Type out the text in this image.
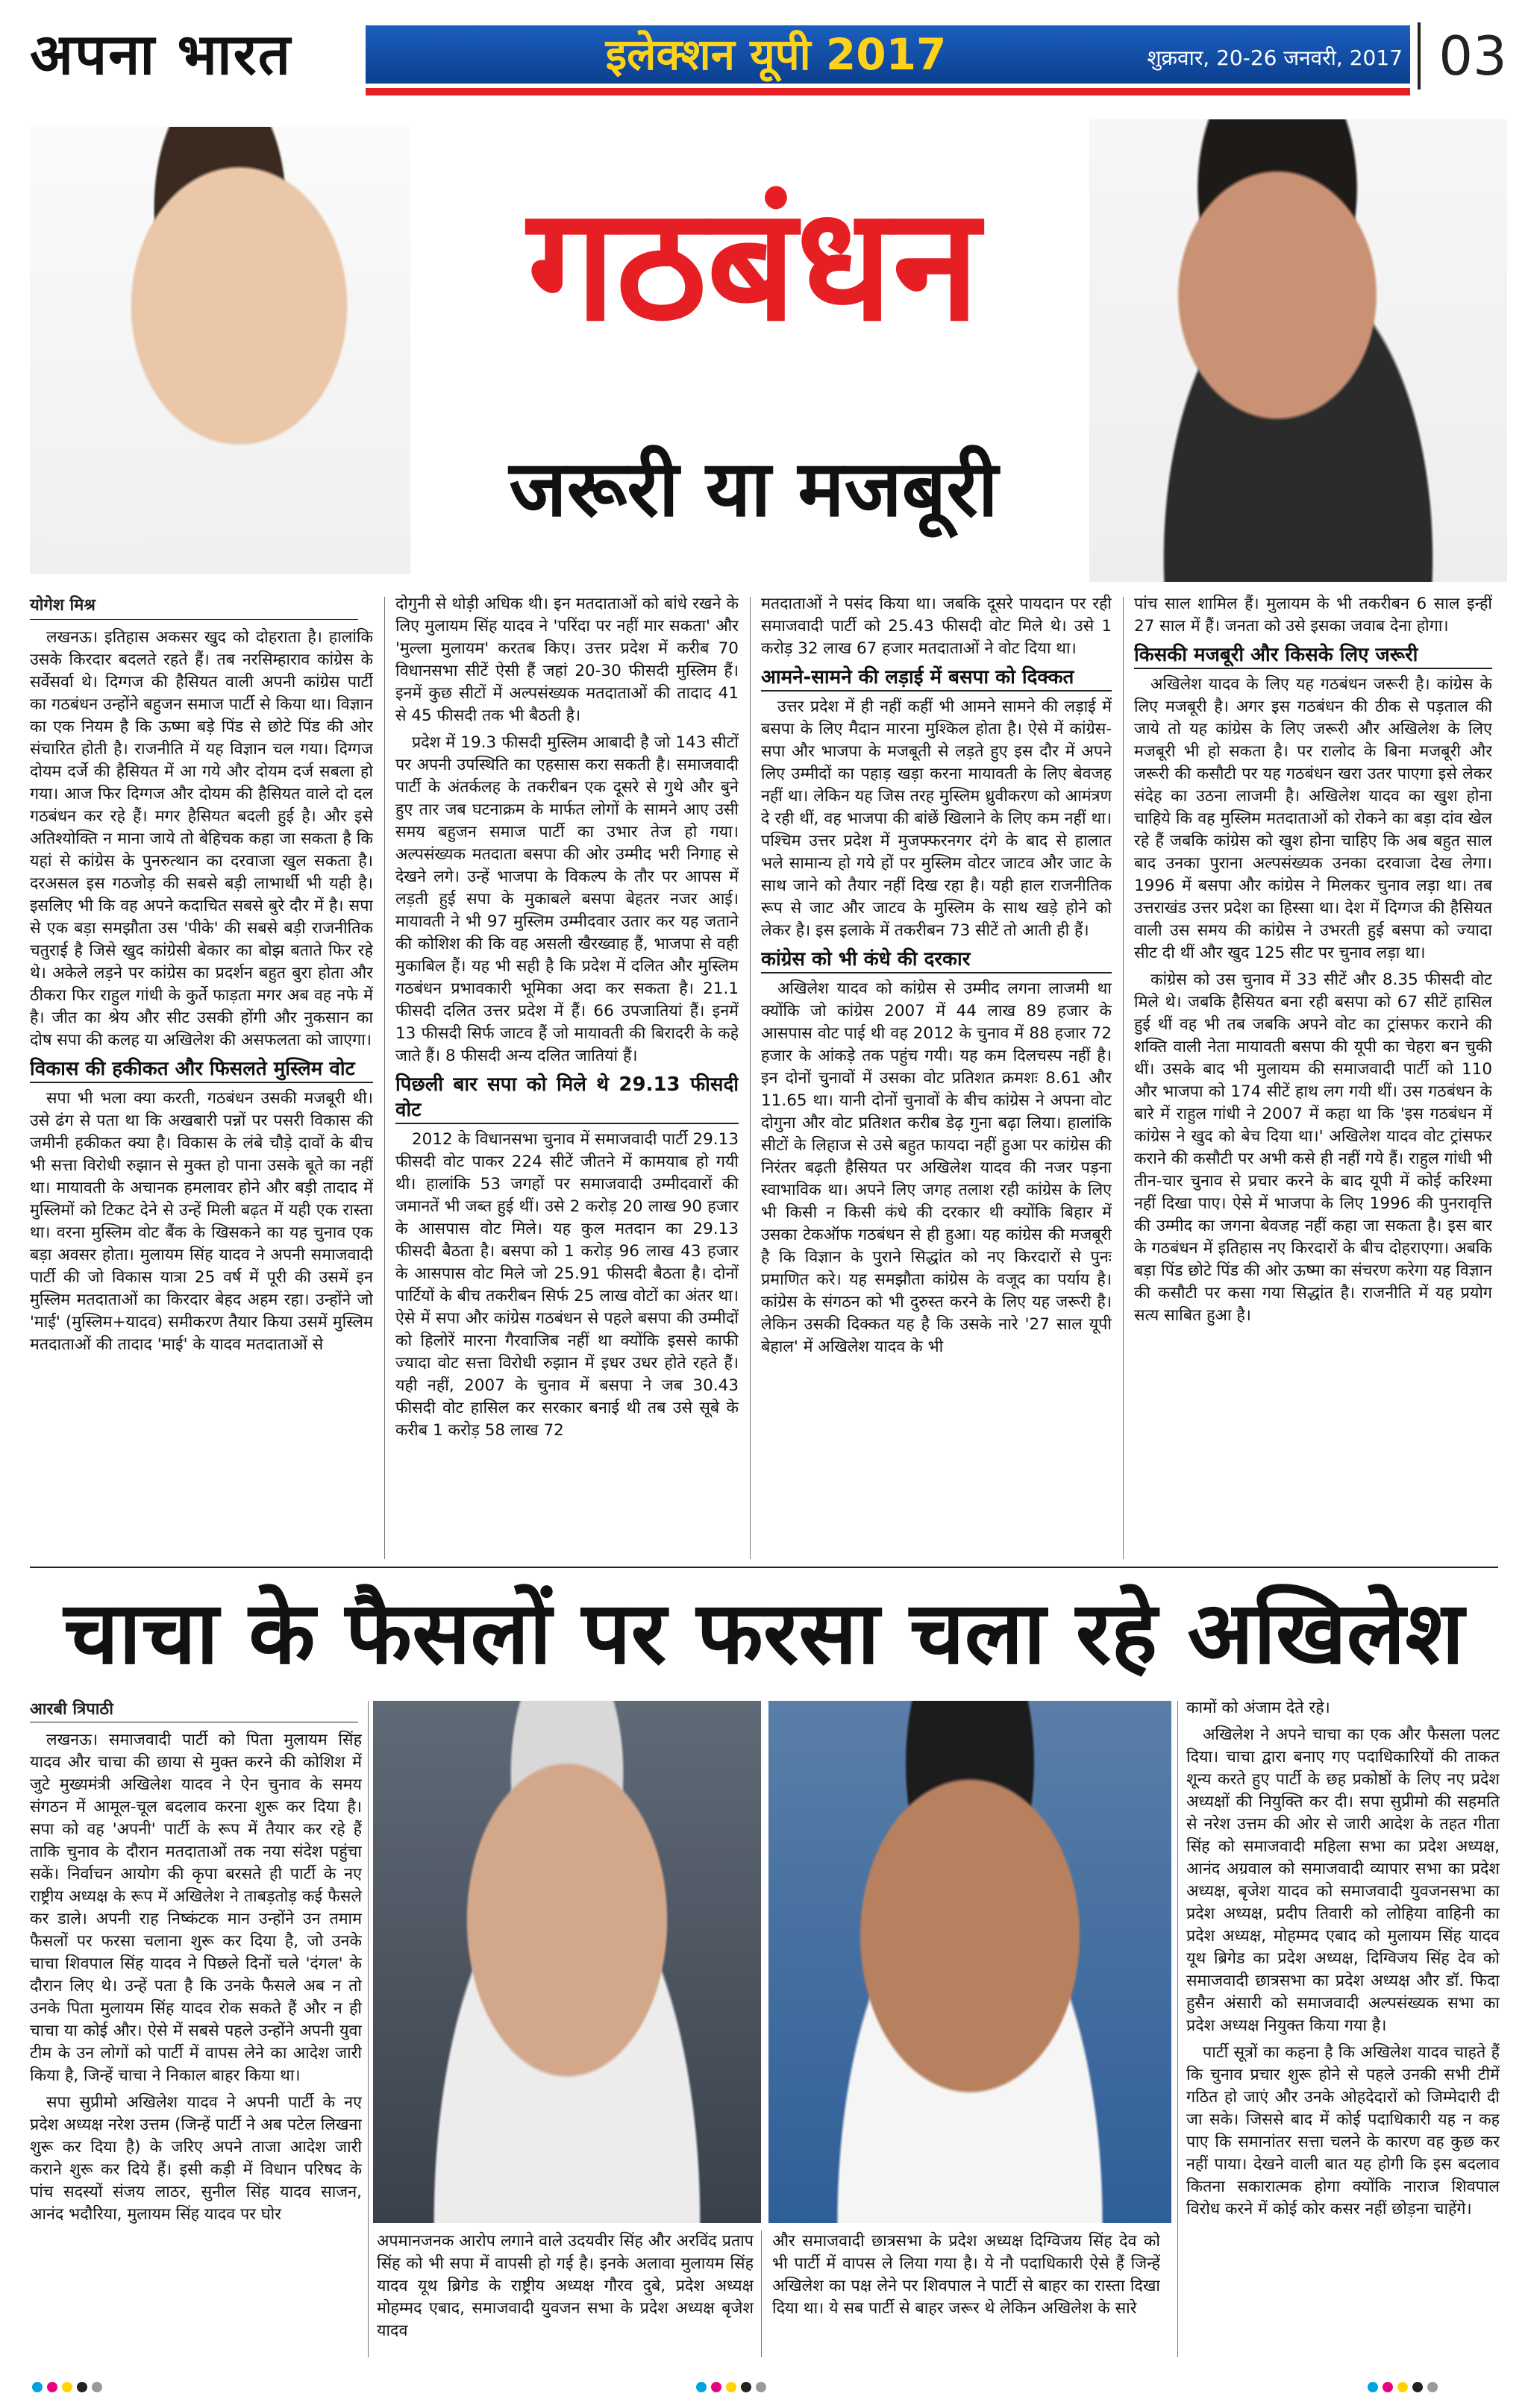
अपना भारत	इलेक्शन यूपी 2017	शुक्रवार, 20-26 जनवरी, 2017 03
गठबंधन
जरूरी या मजबूरी
योगेश मिश्र

लखनऊ। इतिहास अकसर खुद को दोहराता है। हालांकि उसके किरदार बदलते रहते हैं। तब नरसिम्हाराव कांग्रेस के सर्वेसर्वा थे। दिग्गज की हैसियत वाली अपनी कांग्रेस पार्टी का गठबंधन उन्होंने बहुजन समाज पार्टी से किया था। विज्ञान का एक नियम है कि ऊष्मा बड़े पिंड से छोटे पिंड की ओर संचारित होती है। राजनीति में यह विज्ञान चल गया। दिग्गज दोयम दर्जे की हैसियत में आ गये और दोयम दर्ज सबला हो गया। आज फिर दिग्गज और दोयम की हैसियत वाले दो दल गठबंधन कर रहे हैं। मगर हैसियत बदली हुई है। और इसे अतिश्योक्ति न माना जाये तो बेहिचक कहा जा सकता है कि यहां से कांग्रेस के पुनरुत्थान का दरवाजा खुल सकता है। दरअसल इस गठजोड़ की सबसे बड़ी लाभार्थी भी यही है। इसलिए भी कि वह अपने कदाचित सबसे बुरे दौर में है। सपा से एक बड़ा समझौता उस 'पीके' की सबसे बड़ी राजनीतिक चतुराई है जिसे खुद कांग्रेसी बेकार का बोझ बताते फिर रहे थे। अकेले लड़ने पर कांग्रेस का प्रदर्शन बहुत बुरा होता और ठीकरा फिर राहुल गांधी के कुर्ते फाड़ता मगर अब वह नफे में है। जीत का श्रेय और सीट उसकी होंगी और नुकसान का दोष सपा की कलह या अखिलेश की असफलता को जाएगा।

विकास की हकीकत और फिसलते मुस्लिम वोट

सपा भी भला क्या करती, गठबंधन उसकी मजबूरी थी। उसे ढंग से पता था कि अखबारी पन्नों पर पसरी विकास की जमीनी हकीकत क्या है। विकास के लंबे चौड़े दावों के बीच भी सत्ता विरोधी रुझान से मुक्त हो पाना उसके बूते का नहीं था। मायावती के अचानक हमलावर होने और बड़ी तादाद में मुस्लिमों को टिकट देने से उन्हें मिली बढ़त में यही एक रास्ता था। वरना मुस्लिम वोट बैंक के खिसकने का यह चुनाव एक बड़ा अवसर होता। मुलायम सिंह यादव ने अपनी समाजवादी पार्टी की जो विकास यात्रा 25 वर्ष में पूरी की उसमें इन मुस्लिम मतदाताओं का किरदार बेहद अहम रहा। उन्होंने जो 'माई' (मुस्लिम+यादव) समीकरण तैयार किया उसमें मुस्लिम मतदाताओं की तादाद 'माई' के यादव मतदाताओं से

दोगुनी से थोड़ी अधिक थी। इन मतदाताओं को बांधे रखने के लिए मुलायम सिंह यादव ने 'परिंदा पर नहीं मार सकता' और 'मुल्ला मुलायम' करतब किए। उत्तर प्रदेश में करीब 70 विधानसभा सीटें ऐसी हैं जहां 20-30 फीसदी मुस्लिम हैं। इनमें कुछ सीटों में अल्पसंख्यक मतदाताओं की तादाद 41 से 45 फीसदी तक भी बैठती है।

प्रदेश में 19.3 फीसदी मुस्लिम आबादी है जो 143 सीटों पर अपनी उपस्थिति का एहसास करा सकती है। समाजवादी पार्टी के अंतर्कलह के तकरीबन एक दूसरे से गुथे और बुने हुए तार जब घटनाक्रम के मार्फत लोगों के सामने आए उसी समय बहुजन समाज पार्टी का उभार तेज हो गया। अल्पसंख्यक मतदाता बसपा की ओर उम्मीद भरी निगाह से देखने लगे। उन्हें भाजपा के विकल्प के तौर पर आपस में लड़ती हुई सपा के मुकाबले बसपा बेहतर नजर आई। मायावती ने भी 97 मुस्लिम उम्मीदवार उतार कर यह जताने की कोशिश की कि वह असली खैरख्वाह हैं, भाजपा से वही मुकाबिल हैं। यह भी सही है कि प्रदेश में दलित और मुस्लिम गठबंधन प्रभावकारी भूमिका अदा कर सकता है। 21.1 फीसदी दलित उत्तर प्रदेश में हैं। 66 उपजातियां हैं। इनमें 13 फीसदी सिर्फ जाटव हैं जो मायावती की बिरादरी के कहे जाते हैं। 8 फीसदी अन्य दलित जातियां हैं।

पिछली बार सपा को मिले थे 29.13 फीसदी वोट

2012 के विधानसभा चुनाव में समाजवादी पार्टी 29.13 फीसदी वोट पाकर 224 सीटें जीतने में कामयाब हो गयी थी। हालांकि 53 जगहों पर समाजवादी उम्मीदवारों की जमानतें भी जब्त हुई थीं। उसे 2 करोड़ 20 लाख 90 हजार के आसपास वोट मिले। यह कुल मतदान का 29.13 फीसदी बैठता है। बसपा को 1 करोड़ 96 लाख 43 हजार के आसपास वोट मिले जो 25.91 फीसदी बैठता है। दोनों पार्टियों के बीच तकरीबन सिर्फ 25 लाख वोटों का अंतर था। ऐसे में सपा और कांग्रेस गठबंधन से पहले बसपा की उम्मीदों को हिलोरें मारना गैरवाजिब नहीं था क्योंकि इससे काफी ज्यादा वोट सत्ता विरोधी रुझान में इधर उधर होते रहते हैं। यही नहीं, 2007 के चुनाव में बसपा ने जब 30.43 फीसदी वोट हासिल कर सरकार बनाई थी तब उसे सूबे के करीब 1 करोड़ 58 लाख 72

मतदाताओं ने पसंद किया था। जबकि दूसरे पायदान पर रही समाजवादी पार्टी को 25.43 फीसदी वोट मिले थे। उसे 1 करोड़ 32 लाख 67 हजार मतदाताओं ने वोट दिया था।

आमने-सामने की लड़ाई में बसपा को दिक्कत

उत्तर प्रदेश में ही नहीं कहीं भी आमने सामने की लड़ाई में बसपा के लिए मैदान मारना मुश्किल होता है। ऐसे में कांग्रेस-सपा और भाजपा के मजबूती से लड़ते हुए इस दौर में अपने लिए उम्मीदों का पहाड़ खड़ा करना मायावती के लिए बेवजह नहीं था। लेकिन यह जिस तरह मुस्लिम ध्रुवीकरण को आमंत्रण दे रही थीं, वह भाजपा की बांछें खिलाने के लिए कम नहीं था। पश्चिम उत्तर प्रदेश में मुजफ्फरनगर दंगे के बाद से हालात भले सामान्य हो गये हों पर मुस्लिम वोटर जाटव और जाट के साथ जाने को तैयार नहीं दिख रहा है। यही हाल राजनीतिक रूप से जाट और जाटव के मुस्लिम के साथ खड़े होने को लेकर है। इस इलाके में तकरीबन 73 सीटें तो आती ही हैं।

कांग्रेस को भी कंधे की दरकार

अखिलेश यादव को कांग्रेस से उम्मीद लगना लाजमी था क्योंकि जो कांग्रेस 2007 में 44 लाख 89 हजार के आसपास वोट पाई थी वह 2012 के चुनाव में 88 हजार 72 हजार के आंकड़े तक पहुंच गयी। यह कम दिलचस्प नहीं है। इन दोनों चुनावों में उसका वोट प्रतिशत क्रमशः 8.61 और 11.65 था। यानी दोनों चुनावों के बीच कांग्रेस ने अपना वोट दोगुना और वोट प्रतिशत करीब डेढ़ गुना बढ़ा लिया। हालांकि सीटों के लिहाज से उसे बहुत फायदा नहीं हुआ पर कांग्रेस की निरंतर बढ़ती हैसियत पर अखिलेश यादव की नजर पड़ना स्वाभाविक था। अपने लिए जगह तलाश रही कांग्रेस के लिए भी किसी न किसी कंधे की दरकार थी क्योंकि बिहार में उसका टेकऑफ गठबंधन से ही हुआ। यह कांग्रेस की मजबूरी है कि विज्ञान के पुराने सिद्धांत को नए किरदारों से पुनः प्रमाणित करे। यह समझौता कांग्रेस के वजूद का पर्याय है। कांग्रेस के संगठन को भी दुरुस्त करने के लिए यह जरूरी है। लेकिन उसकी दिक्कत यह है कि उसके नारे '27 साल यूपी बेहाल' में अखिलेश यादव के भी

पांच साल शामिल हैं। मुलायम के भी तकरीबन 6 साल इन्हीं 27 साल में हैं। जनता को उसे इसका जवाब देना होगा।

किसकी मजबूरी और किसके लिए जरूरी

अखिलेश यादव के लिए यह गठबंधन जरूरी है। कांग्रेस के लिए मजबूरी है। अगर इस गठबंधन की ठीक से पड़ताल की जाये तो यह कांग्रेस के लिए जरूरी और अखिलेश के लिए मजबूरी भी हो सकता है। पर रालोद के बिना मजबूरी और जरूरी की कसौटी पर यह गठबंधन खरा उतर पाएगा इसे लेकर संदेह का उठना लाजमी है। अखिलेश यादव का खुश होना चाहिये कि वह मुस्लिम मतदाताओं को रोकने का बड़ा दांव खेल रहे हैं जबकि कांग्रेस को खुश होना चाहिए कि अब बहुत साल बाद उनका पुराना अल्पसंख्यक उनका दरवाजा देख लेगा। 1996 में बसपा और कांग्रेस ने मिलकर चुनाव लड़ा था। तब उत्तराखंड उत्तर प्रदेश का हिस्सा था। देश में दिग्गज की हैसियत वाली उस समय की कांग्रेस ने उभरती हुई बसपा को ज्यादा सीट दी थीं और खुद 125 सीट पर चुनाव लड़ा था।

कांग्रेस को उस चुनाव में 33 सीटें और 8.35 फीसदी वोट मिले थे। जबकि हैसियत बना रही बसपा को 67 सीटें हासिल हुई थीं वह भी तब जबकि अपने वोट का ट्रांसफर कराने की शक्ति वाली नेता मायावती बसपा की यूपी का चेहरा बन चुकी थीं। उसके बाद भी मुलायम की समाजवादी पार्टी को 110 और भाजपा को 174 सीटें हाथ लग गयी थीं। उस गठबंधन के बारे में राहुल गांधी ने 2007 में कहा था कि 'इस गठबंधन में कांग्रेस ने खुद को बेच दिया था।' अखिलेश यादव वोट ट्रांसफर कराने की कसौटी पर अभी कसे ही नहीं गये हैं। राहुल गांधी भी तीन-चार चुनाव से प्रचार करने के बाद यूपी में कोई करिश्मा नहीं दिखा पाए। ऐसे में भाजपा के लिए 1996 की पुनरावृत्ति की उम्मीद का जगना बेवजह नहीं कहा जा सकता है। इस बार के गठबंधन में इतिहास नए किरदारों के बीच दोहराएगा। अबकि बड़ा पिंड छोटे पिंड की ओर ऊष्मा का संचरण करेगा यह विज्ञान की कसौटी पर कसा गया सिद्धांत है। राजनीति में यह प्रयोग सत्य साबित हुआ है।

चाचा के फैसलों पर फरसा चला रहे अखिलेश
आरबी त्रिपाठी

लखनऊ। समाजवादी पार्टी को पिता मुलायम सिंह यादव और चाचा की छाया से मुक्त करने की कोशिश में जुटे मुख्यमंत्री अखिलेश यादव ने ऐन चुनाव के समय संगठन में आमूल-चूल बदलाव करना शुरू कर दिया है। सपा को वह 'अपनी' पार्टी के रूप में तैयार कर रहे हैं ताकि चुनाव के दौरान मतदाताओं तक नया संदेश पहुंचा सकें। निर्वाचन आयोग की कृपा बरसते ही पार्टी के नए राष्ट्रीय अध्यक्ष के रूप में अखिलेश ने ताबड़तोड़ कई फैसले कर डाले। अपनी राह निष्कंटक मान उन्होंने उन तमाम फैसलों पर फरसा चलाना शुरू कर दिया है, जो उनके चाचा शिवपाल सिंह यादव ने पिछले दिनों चले 'दंगल' के दौरान लिए थे। उन्हें पता है कि उनके फैसले अब न तो उनके पिता मुलायम सिंह यादव रोक सकते हैं और न ही चाचा या कोई और। ऐसे में सबसे पहले उन्होंने अपनी युवा टीम के उन लोगों को पार्टी में वापस लेने का आदेश जारी किया है, जिन्हें चाचा ने निकाल बाहर किया था।

सपा सुप्रीमो अखिलेश यादव ने अपनी पार्टी के नए प्रदेश अध्यक्ष नरेश उत्तम (जिन्हें पार्टी ने अब पटेल लिखना शुरू कर दिया है) के जरिए अपने ताजा आदेश जारी कराने शुरू कर दिये हैं। इसी कड़ी में विधान परिषद के पांच सदस्यों संजय लाठर, सुनील सिंह यादव साजन, आनंद भदौरिया, मुलायम सिंह यादव पर घोर

अपमानजनक आरोप लगाने वाले उदयवीर सिंह और अरविंद प्रताप सिंह को भी सपा में वापसी हो गई है। इनके अलावा मुलायम सिंह यादव यूथ ब्रिगेड के राष्ट्रीय अध्यक्ष गौरव दुबे, प्रदेश अध्यक्ष मोहम्मद एबाद, समाजवादी युवजन सभा के प्रदेश अध्यक्ष बृजेश यादव

और समाजवादी छात्रसभा के प्रदेश अध्यक्ष दिग्विजय सिंह देव को भी पार्टी में वापस ले लिया गया है। ये नौ पदाधिकारी ऐसे हैं जिन्हें अखिलेश का पक्ष लेने पर शिवपाल ने पार्टी से बाहर का रास्ता दिखा दिया था। ये सब पार्टी से बाहर जरूर थे लेकिन अखिलेश के सारे

कामों को अंजाम देते रहे।

अखिलेश ने अपने चाचा का एक और फैसला पलट दिया। चाचा द्वारा बनाए गए पदाधिकारियों की ताकत शून्य करते हुए पार्टी के छह प्रकोष्ठों के लिए नए प्रदेश अध्यक्षों की नियुक्ति कर दी। सपा सुप्रीमो की सहमति से नरेश उत्तम की ओर से जारी आदेश के तहत गीता सिंह को समाजवादी महिला सभा का प्रदेश अध्यक्ष, आनंद अग्रवाल को समाजवादी व्यापार सभा का प्रदेश अध्यक्ष, बृजेश यादव को समाजवादी युवजनसभा का प्रदेश अध्यक्ष, प्रदीप तिवारी को लोहिया वाहिनी का प्रदेश अध्यक्ष, मोहम्मद एबाद को मुलायम सिंह यादव यूथ ब्रिगेड का प्रदेश अध्यक्ष, दिग्विजय सिंह देव को समाजवादी छात्रसभा का प्रदेश अध्यक्ष और डॉ. फिदा हुसैन अंसारी को समाजवादी अल्पसंख्यक सभा का प्रदेश अध्यक्ष नियुक्त किया गया है।

पार्टी सूत्रों का कहना है कि अखिलेश यादव चाहते हैं कि चुनाव प्रचार शुरू होने से पहले उनकी सभी टीमें गठित हो जाएं और उनके ओहदेदारों को जिम्मेदारी दी जा सके। जिससे बाद में कोई पदाधिकारी यह न कह पाए कि समानांतर सत्ता चलने के कारण वह कुछ कर नहीं पाया। देखने वाली बात यह होगी कि इस बदलाव कितना सकारात्मक होगा क्योंकि नाराज शिवपाल विरोध करने में कोई कोर कसर नहीं छोड़ना चाहेंगे।
